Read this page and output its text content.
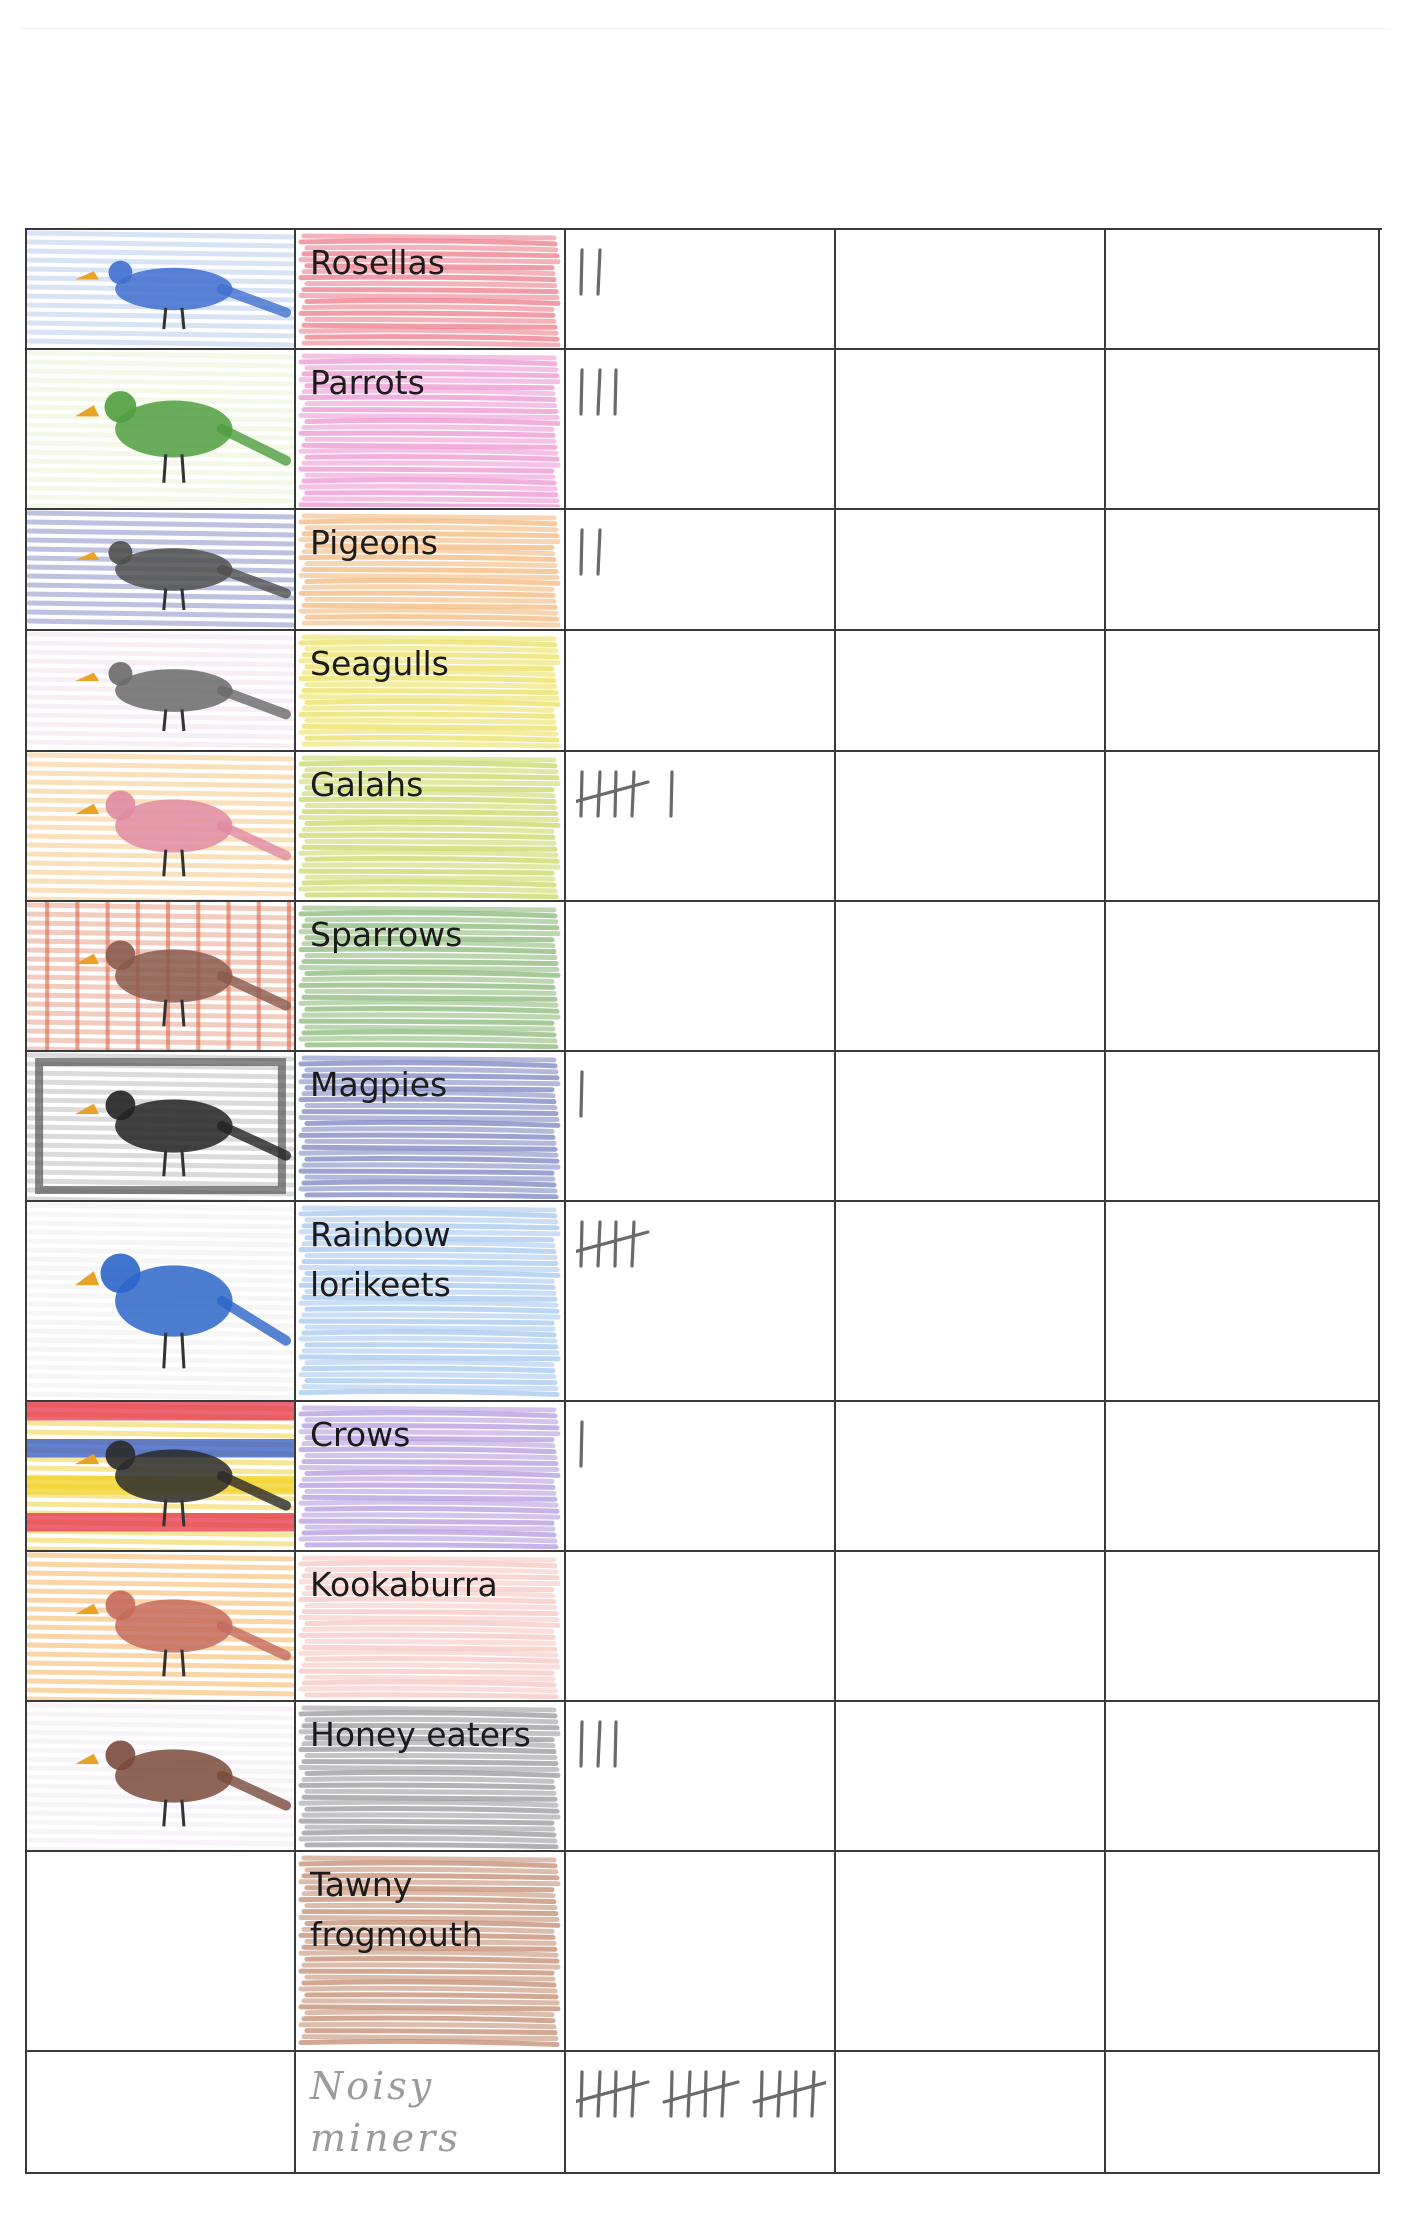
Rosellas
Parrots
Pigeons
Seagulls
Galahs
Sparrows
Magpies
Rainbow
lorikeets
Crows
Kookaburra
Honey eaters
Tawny
frogmouth
Noisy
miners
